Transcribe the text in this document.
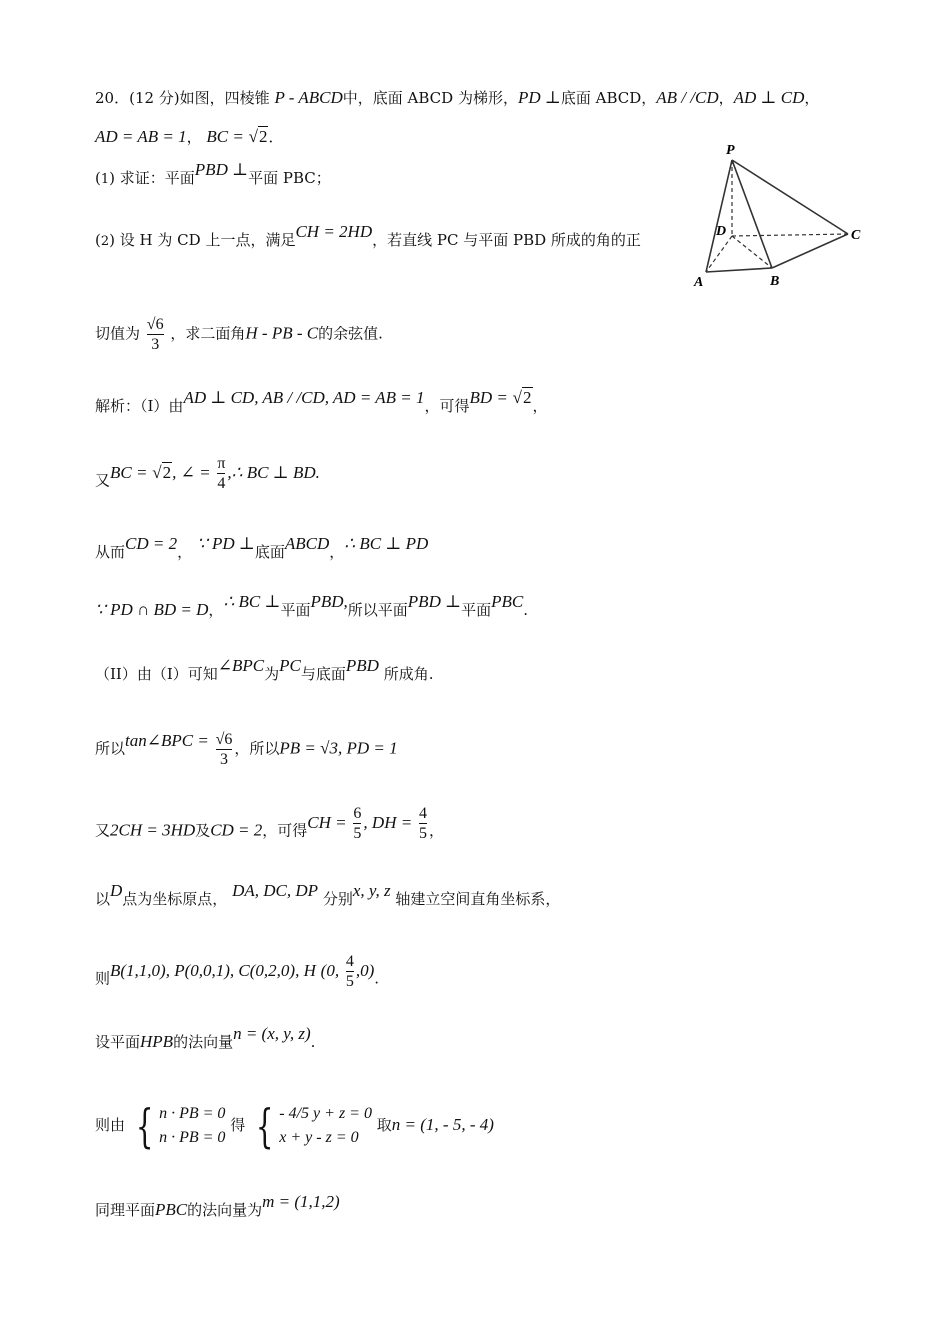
20．(12 分)如图，四棱锥 P - ABCD中，底面 ABCD 为梯形，PD ⊥底面 ABCD，AB / /CD，AD ⊥ CD，
AD = AB = 1， BC = √2．
(1) 求证：平面PBD ⊥平面 PBC；
(2) 设 H 为 CD 上一点，满足CH = 2HD，若直线 PC 与平面 PBD 所成的角的正
切值为 $\frac{√6}{3}$ ，求二面角H - PB - C的余弦值.
P
D	C
A	B
解析：（I）由AD ⊥ CD, AB / /CD, AD = AB = 1，可得BD = √2，
又BC = √2, ∠ = $\frac{\pi}{4}$ ,∴ BC ⊥ BD.
从而CD = 2， ∵ PD ⊥底面ABCD，∴ BC ⊥ PD
∵ PD ∩ BD = D，∴ BC ⊥平面PBD,所以平面PBD ⊥平面PBC.
（II）由（I）可知∠BPC为PC与底面PBD 所成角.
所以tan∠BPC = $\frac{√6}{3}$ ，所以PB = √3, PD = 1
又2CH = 3HD及CD = 2，可得CH = $\frac{6}{5}$ , DH = $\frac{4}{5}$ ，
以D点为坐标原点， DA, DC, DP 分别x, y, z 轴建立空间直角坐标系，
则B(1,1,0), P(0,0,1), C(0,2,0), H (0, $\frac{4}{5} ,0$).
设平面HPB的法向量n = (x, y, z).
则由 { n · PB = 0
n · PB = 0
得 { - 4/5 y + z = 0
x + y - z = 0
取n = (1, - 5, - 4)
同理平面PBC的法向量为m = (1,1,2)
